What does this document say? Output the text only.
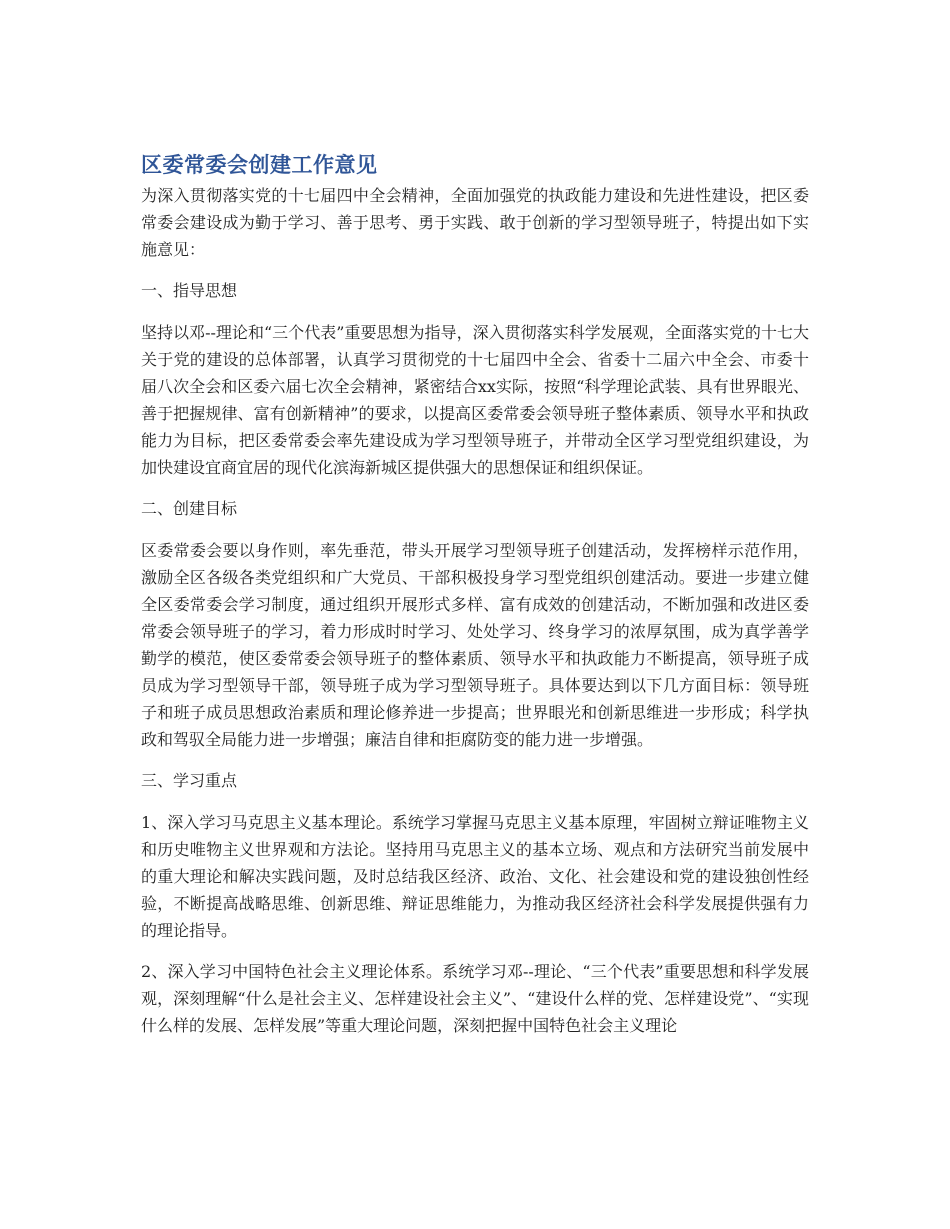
区委常委会创建工作意见

为深入贯彻落实党的十七届四中全会精神，全面加强党的执政能力建设和先进性建设，把区委常委会建设成为勤于学习、善于思考、勇于实践、敢于创新的学习型领导班子，特提出如下实施意见：

一、指导思想

坚持以邓--理论和“三个代表”重要思想为指导，深入贯彻落实科学发展观，全面落实党的十七大关于党的建设的总体部署，认真学习贯彻党的十七届四中全会、省委十二届六中全会、市委十届八次全会和区委六届七次全会精神，紧密结合xx实际，按照“科学理论武装、具有世界眼光、善于把握规律、富有创新精神”的要求，以提高区委常委会领导班子整体素质、领导水平和执政能力为目标，把区委常委会率先建设成为学习型领导班子，并带动全区学习型党组织建设，为加快建设宜商宜居的现代化滨海新城区提供强大的思想保证和组织保证。

二、创建目标

区委常委会要以身作则，率先垂范，带头开展学习型领导班子创建活动，发挥榜样示范作用，激励全区各级各类党组织和广大党员、干部积极投身学习型党组织创建活动。要进一步建立健全区委常委会学习制度，通过组织开展形式多样、富有成效的创建活动，不断加强和改进区委常委会领导班子的学习，着力形成时时学习、处处学习、终身学习的浓厚氛围，成为真学善学勤学的模范，使区委常委会领导班子的整体素质、领导水平和执政能力不断提高，领导班子成员成为学习型领导干部，领导班子成为学习型领导班子。具体要达到以下几方面目标：领导班子和班子成员思想政治素质和理论修养进一步提高；世界眼光和创新思维进一步形成；科学执政和驾驭全局能力进一步增强；廉洁自律和拒腐防变的能力进一步增强。

三、学习重点

1、深入学习马克思主义基本理论。系统学习掌握马克思主义基本原理，牢固树立辩证唯物主义和历史唯物主义世界观和方法论。坚持用马克思主义的基本立场、观点和方法研究当前发展中的重大理论和解决实践问题，及时总结我区经济、政治、文化、社会建设和党的建设独创性经验，不断提高战略思维、创新思维、辩证思维能力，为推动我区经济社会科学发展提供强有力的理论指导。

2、深入学习中国特色社会主义理论体系。系统学习邓--理论、“三个代表”重要思想和科学发展观，深刻理解“什么是社会主义、怎样建设社会主义”、“建设什么样的党、怎样建设党”、“实现什么样的发展、怎样发展”等重大理论问题，深刻把握中国特色社会主义理论
